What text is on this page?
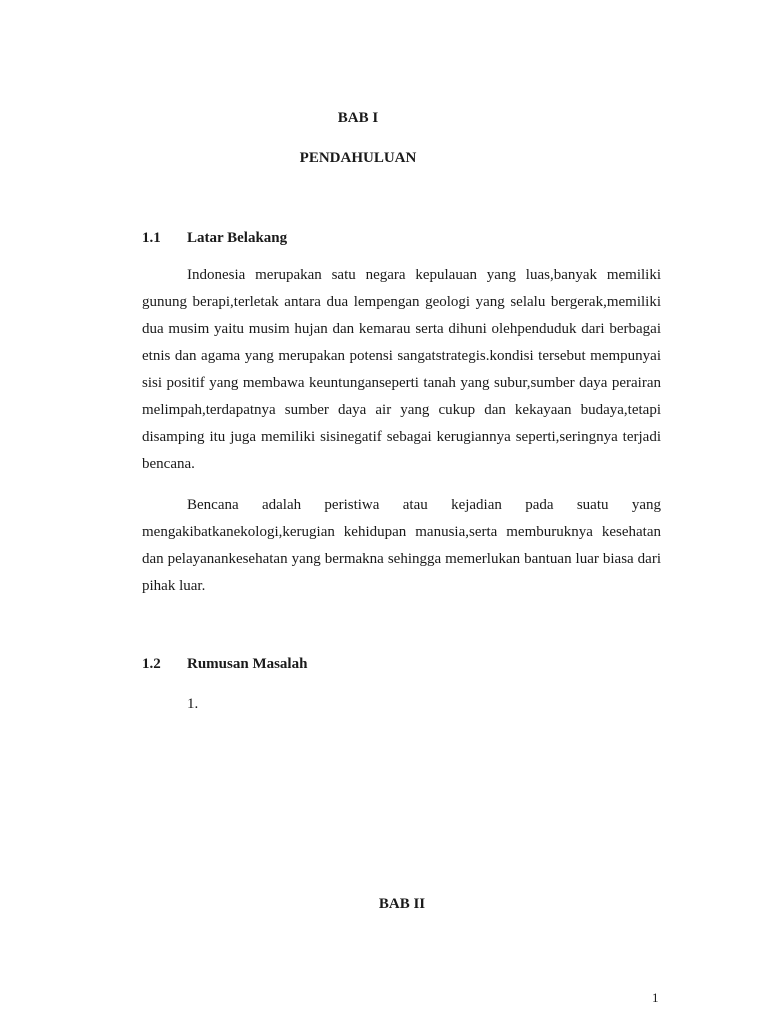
BAB I

PENDAHULUAN

1.1 Latar Belakang

Indonesia merupakan satu negara kepulauan yang luas,banyak memiliki gunung berapi,terletak antara dua lempengan geologi yang selalu bergerak,memiliki dua musim yaitu musim hujan dan kemarau serta dihuni olehpenduduk dari berbagai etnis dan agama yang merupakan potensi sangatstrategis.kondisi tersebut mempunyai sisi positif yang membawa keuntunganseperti tanah yang subur,sumber daya perairan melimpah,terdapatnya sumber daya air yang cukup dan kekayaan budaya,tetapi disamping itu juga memiliki sisinegatif sebagai kerugiannya seperti,seringnya terjadi bencana.

Bencana adalah peristiwa atau kejadian pada suatu yang mengakibatkanekologi,kerugian kehidupan manusia,serta memburuknya kesehatan dan pelayanankesehatan yang bermakna sehingga memerlukan bantuan luar biasa dari pihak luar.

1.2 Rumusan Masalah

1.

BAB II

1
